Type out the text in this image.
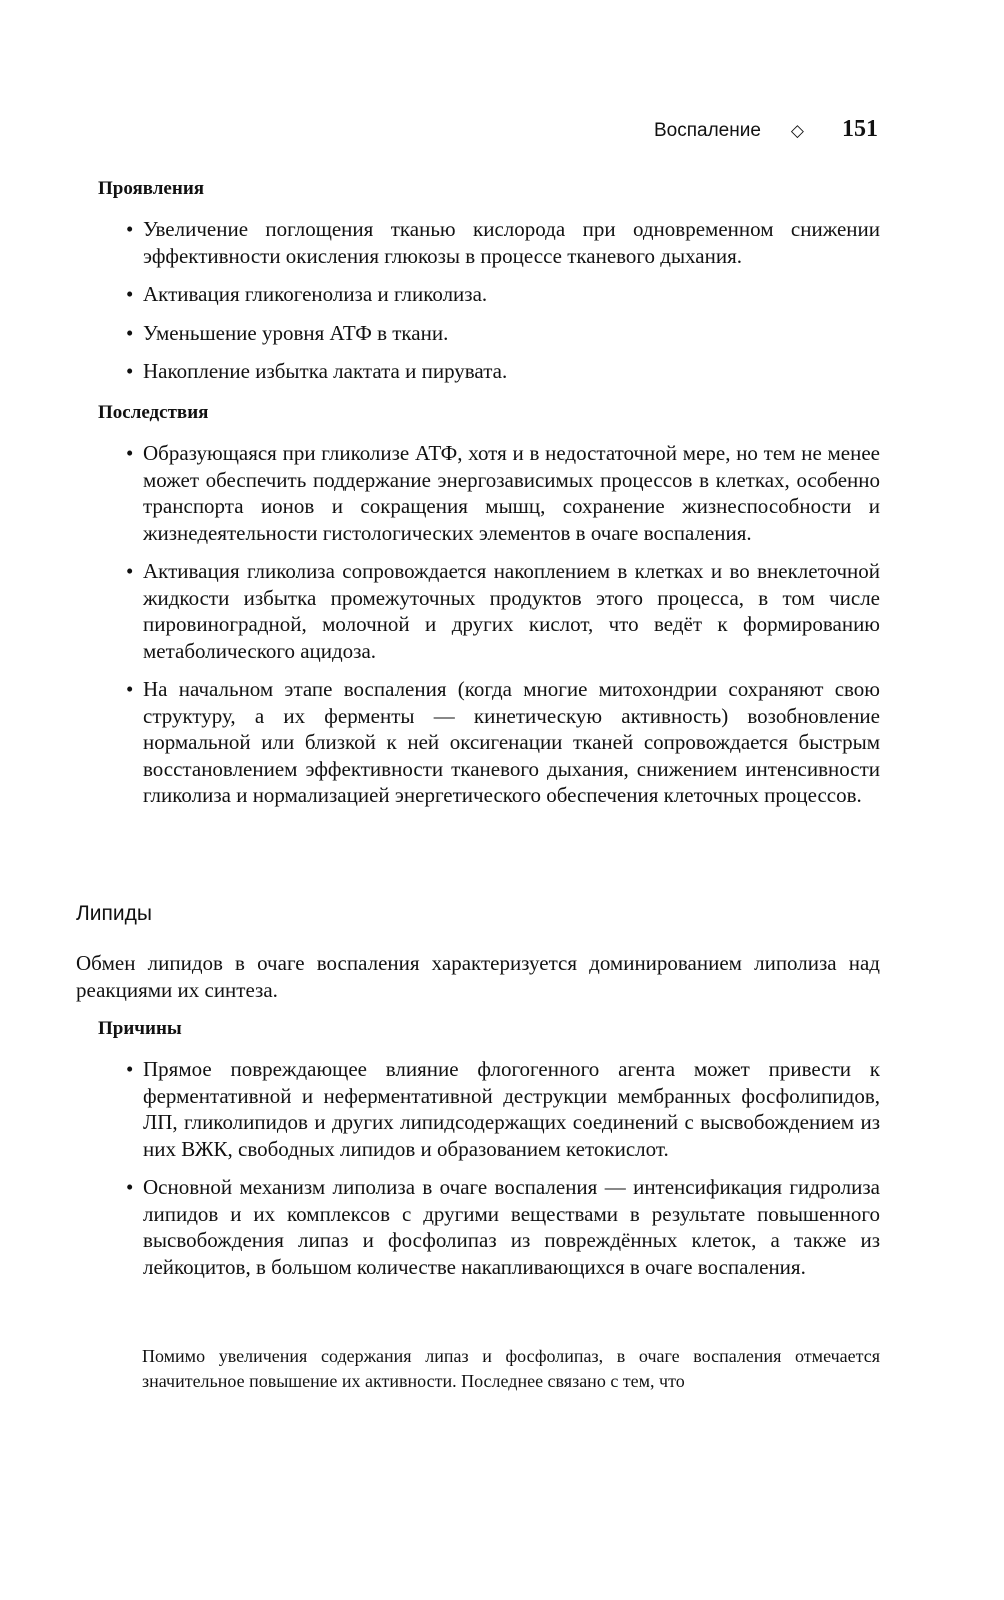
Воспаление ◇ 151
Проявления
• Увеличение поглощения тканью кислорода при одновременном снижении эффективности окисления глюкозы в процессе тканевого дыхания.
• Активация гликогенолиза и гликолиза.
• Уменьшение уровня АТФ в ткани.
• Накопление избытка лактата и пирувата.
Последствия
• Образующаяся при гликолизе АТФ, хотя и в недостаточной мере, но тем не менее может обеспечить поддержание энергозависимых процессов в клетках, особенно транспорта ионов и сокращения мышц, сохранение жизнеспособности и жизнедеятельности гистологических элементов в очаге воспаления.
• Активация гликолиза сопровождается накоплением в клетках и во внеклеточной жидкости избытка промежуточных продуктов этого процесса, в том числе пировиноградной, молочной и других кислот, что ведёт к формированию метаболического ацидоза.
• На начальном этапе воспаления (когда многие митохондрии сохраняют свою структуру, а их ферменты — кинетическую активность) возобновление нормальной или близкой к ней оксигенации тканей сопровождается быстрым восстановлением эффективности тканевого дыхания, снижением интенсивности гликолиза и нормализацией энергетического обеспечения клеточных процессов.
Липиды
Обмен липидов в очаге воспаления характеризуется доминированием липолиза над реакциями их синтеза.
Причины
• Прямое повреждающее влияние флогогенного агента может привести к ферментативной и неферментативной деструкции мембранных фосфолипидов, ЛП, гликолипидов и других липидсодержащих соединений с высвобождением из них ВЖК, свободных липидов и образованием кетокислот.
• Основной механизм липолиза в очаге воспаления — интенсификация гидролиза липидов и их комплексов с другими веществами в результате повышенного высвобождения липаз и фосфолипаз из повреждённых клеток, а также из лейкоцитов, в большом количестве накапливающихся в очаге воспаления.
Помимо увеличения содержания липаз и фосфолипаз, в очаге воспаления отмечается значительное повышение их активности. Последнее связано с тем, что
